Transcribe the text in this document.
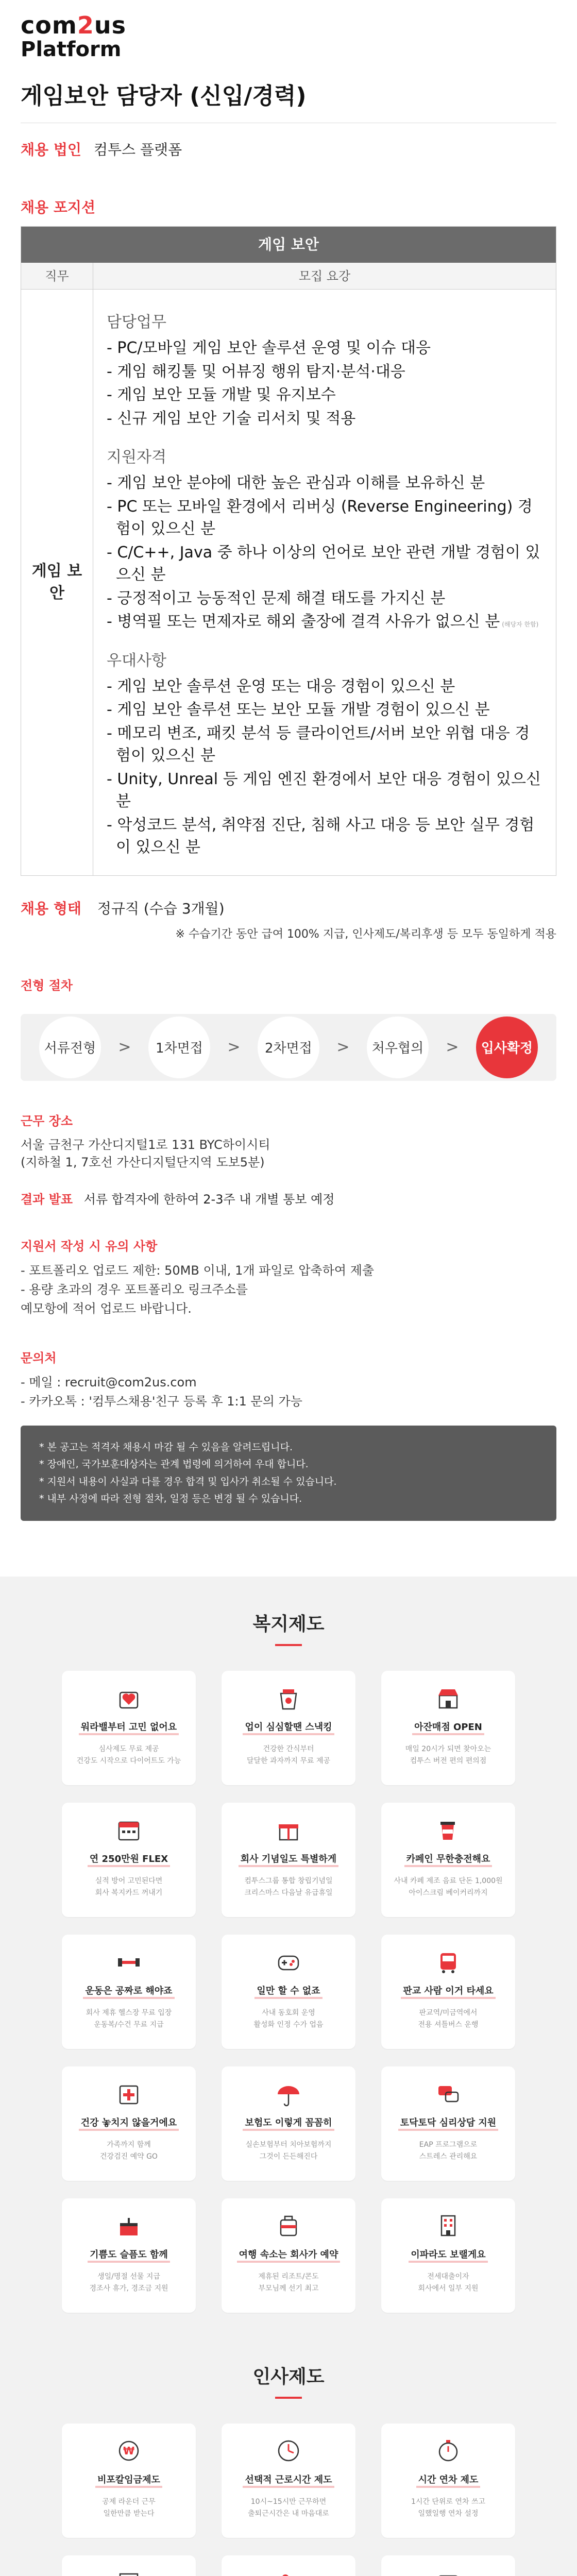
com 2 us
Platform
게임보안 담당자 (신입/경력)
채용 법인 컴투스 플랫폼
채용 포지션
게임 보안
직무	모집 요강
게임 보안
담당업무
- PC/모바일 게임 보안 솔루션 운영 및 이슈 대응
- 게임 해킹툴 및 어뷰징 행위 탐지·분석·대응
- 게임 보안 모듈 개발 및 유지보수
- 신규 게임 보안 기술 리서치 및 적용
지원자격
- 게임 보안 분야에 대한 높은 관심과 이해를 보유하신 분
- PC 또는 모바일 환경에서 리버싱 (Reverse Engineering) 경험이 있으신 분
- C/C++, Java 중 하나 이상의 언어로 보안 관련 개발 경험이 있으신 분
- 긍정적이고 능동적인 문제 해결 태도를 가지신 분
- 병역필 또는 면제자로 해외 출장에 결격 사유가 없으신 분 (해당자 한함)
우대사항
- 게임 보안 솔루션 운영 또는 대응 경험이 있으신 분
- 게임 보안 솔루션 또는 보안 모듈 개발 경험이 있으신 분
- 메모리 변조, 패킷 분석 등 클라이언트/서버 보안 위협 대응 경험이 있으신 분
- Unity, Unreal 등 게임 엔진 환경에서 보안 대응 경험이 있으신 분
- 악성코드 분석, 취약점 진단, 침해 사고 대응 등 보안 실무 경험이 있으신 분
채용 형태 정규직 (수습 3개월)
※ 수습기간 동안 급여 100% 지급, 인사제도/복리후생 등 모두 동일하게 적용
전형 절차
서류전형	>	1차면접	>	2차면접	>	처우협의	>	입사확정
근무 장소
서울 금천구 가산디지털1로 131 BYC하이시티
(지하철 1, 7호선 가산디지털단지역 도보5분)
결과 발표 서류 합격자에 한하여 2-3주 내 개별 통보 예정
지원서 작성 시 유의 사항
- 포트폴리오 업로드 제한: 50MB 이내, 1개 파일로 압축하여 제출
- 용량 초과의 경우 포트폴리오 링크주소를
예모항에 적어 업로드 바랍니다.
문의처
- 메일 : recruit@com2us.com
- 카카오톡 : '컴투스채용'친구 등록 후 1:1 문의 가능
* 본 공고는 적격자 채용시 마감 될 수 있음을 알려드립니다.
* 장애인, 국가보훈대상자는 관계 법령에 의거하여 우대 합니다.
* 지원서 내용이 사실과 다를 경우 합격 및 입사가 취소될 수 있습니다.
* 내부 사정에 따라 전형 절차, 일정 등은 변경 될 수 있습니다.
복지제도
워라밸부터 고민 없어요
심사제도 무료 제공
건강도 시작으로 다이어트도 가능
업이 심심할땐 스낵킹
건강한 간식부터
달달한 과자까지 무료 제공
아잔매점 OPEN
매일 20시가 되면 찾아오는
컴투스 버전 편의 편의점
연 250만원 FLEX
실적 방어 고민된다면
회사 복지카드 꺼내기
회사 기념일도 특별하게
컴투스그룹 통합 창립기념일
크리스마스 다음날 유급휴일
카페인 무한충전해요
사내 카페 제조 음료 단돈 1,000원
아이스크림 베이커리까지
운동은 공짜로 해야죠
회사 제휴 헬스장 무료 입장
운동복/수건 무료 지급
일만 할 수 없죠
사내 동호회 운영
활성화 인정 수가 업음
판교 사람 이거 타세요
판교역/미금역에서
전용 셔틀버스 운행
건강 놓치지 않을거에요
가족까지 함께
건강검진 예약 GO
보험도 이렇게 꼼꼼히
실손보험부터 치아보험까지
그것이 든든해진다
토닥토닥 심리상담 지원
EAP 프로그램으로
스트레스 관리해요
기쁨도 슬픔도 함께
생일/명절 선물 지급
경조사 휴가, 경조금 지원
여행 속소는 회사가 예약
제휴된 리조트/콘도
부모님께 선기 최고
이파라도 보랠게요
전세대출이자
회사에서 일부 지원
인사제도
₩
비포칼임금제도
공제 라운더 근무
일한만큼 받는다
선택적 근로시간 제도
10시~15시만 근무하면
출퇴근시간은 내 마음대로
시간 연차 제도
1시간 단위로 연차 쓰고
일했일행 연차 설정
